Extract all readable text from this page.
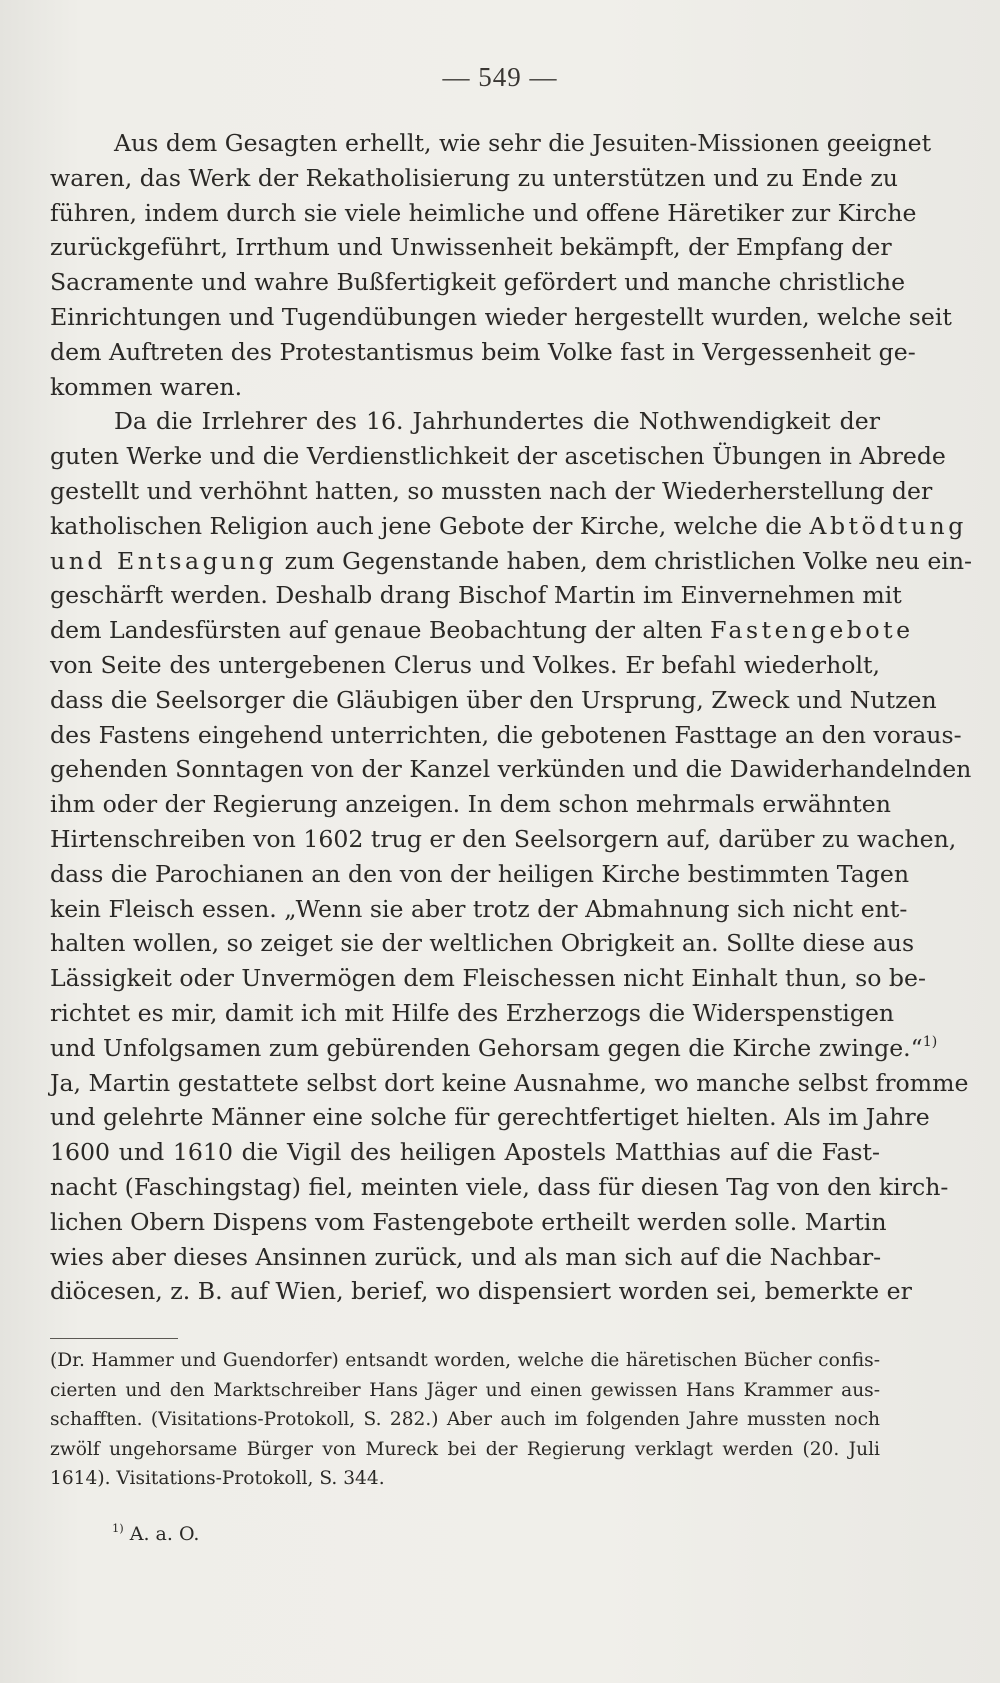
— 549 —
Aus dem Gesagten erhellt, wie sehr die Jesuiten-Missionen geeignet
waren, das Werk der Rekatholisierung zu unterstützen und zu Ende zu
führen, indem durch sie viele heimliche und offene Häretiker zur Kirche
zurückgeführt, Irrthum und Unwissenheit bekämpft, der Empfang der
Sacramente und wahre Bußfertigkeit gefördert und manche christliche
Einrichtungen und Tugendübungen wieder hergestellt wurden, welche seit
dem Auftreten des Protestantismus beim Volke fast in Vergessenheit ge-
kommen waren.
Da die Irrlehrer des 16. Jahrhundertes die Nothwendigkeit der
guten Werke und die Verdienstlichkeit der ascetischen Übungen in Abrede
gestellt und verhöhnt hatten, so mussten nach der Wiederherstellung der
katholischen Religion auch jene Gebote der Kirche, welche die Abtödtung
und Entsagung zum Gegenstande haben, dem christlichen Volke neu ein-
geschärft werden. Deshalb drang Bischof Martin im Einvernehmen mit
dem Landesfürsten auf genaue Beobachtung der alten Fastengebote
von Seite des untergebenen Clerus und Volkes. Er befahl wiederholt,
dass die Seelsorger die Gläubigen über den Ursprung, Zweck und Nutzen
des Fastens eingehend unterrichten, die gebotenen Fasttage an den voraus-
gehenden Sonntagen von der Kanzel verkünden und die Dawiderhandelnden
ihm oder der Regierung anzeigen. In dem schon mehrmals erwähnten
Hirtenschreiben von 1602 trug er den Seelsorgern auf, darüber zu wachen,
dass die Parochianen an den von der heiligen Kirche bestimmten Tagen
kein Fleisch essen. „Wenn sie aber trotz der Abmahnung sich nicht ent-
halten wollen, so zeiget sie der weltlichen Obrigkeit an. Sollte diese aus
Lässigkeit oder Unvermögen dem Fleischessen nicht Einhalt thun, so be-
richtet es mir, damit ich mit Hilfe des Erzherzogs die Widerspenstigen
und Unfolgsamen zum gebürenden Gehorsam gegen die Kirche zwinge.“$^{1)}$
Ja, Martin gestattete selbst dort keine Ausnahme, wo manche selbst fromme
und gelehrte Männer eine solche für gerechtfertiget hielten. Als im Jahre
1600 und 1610 die Vigil des heiligen Apostels Matthias auf die Fast-
nacht (Faschingstag) fiel, meinten viele, dass für diesen Tag von den kirch-
lichen Obern Dispens vom Fastengebote ertheilt werden solle. Martin
wies aber dieses Ansinnen zurück, und als man sich auf die Nachbar-
diöcesen, z. B. auf Wien, berief, wo dispensiert worden sei, bemerkte er
(Dr. Hammer und Guendorfer) entsandt worden, welche die häretischen Bücher confis-
cierten und den Marktschreiber Hans Jäger und einen gewissen Hans Krammer aus-
schafften. (Visitations-Protokoll, S. 282.) Aber auch im folgenden Jahre mussten noch
zwölf ungehorsame Bürger von Mureck bei der Regierung verklagt werden (20. Juli
1614). Visitations-Protokoll, S. 344.
$^{1)}$ A. a. O.
